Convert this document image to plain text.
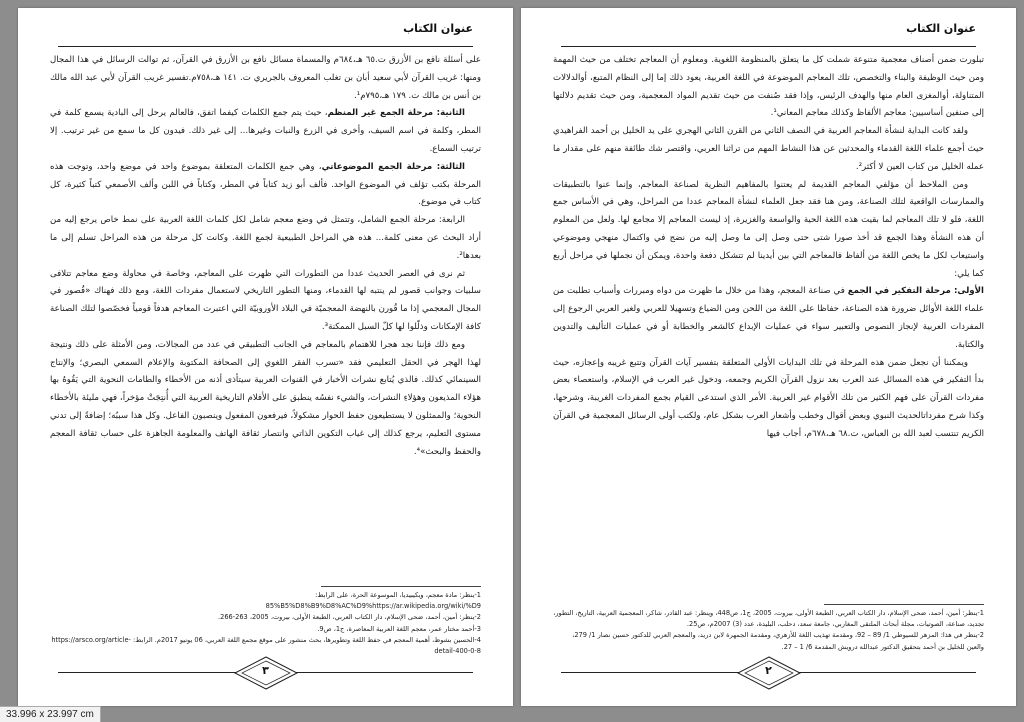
عنوان الكتاب

تبلورت ضمن أصناف معجمية متنوعة شملت كل ما يتعلق بالمنظومة اللغوية. ومعلوم أن المعاجم تختلف من حيث المهمة ومن حيث الوظيفة والبناء والتخصص، تلك المعاجم الموضوعة في اللغة العربية، يعود ذلك إما إلى النظام المتبع، أوالدلالات المتناولة، أوالمغزى العام منها والهدف الرئيس، وإذا فقد صُنفت من حيث تقديم المواد المعجمية، ومن حيث تقديم دلالتها إلى صنفين أساسيين: معاجم الألفاظ وكذلك معاجم المعاني¹.

ولقد كانت البداية لنشأة المعاجم العربية في النصف الثاني من القرن الثاني الهجري على يد الخليل بن أحمد الفراهيدي حيث أجمع علماء اللغة القدماء والمحدثين عن هذا النشاط المهم من تراثنا العربي، واقتصر شك طائفة منهم على مقدار ما عمله الخليل من كتاب العين لا أكثر².

ومن الملاحظ أن مؤلفي المعاجم القديمة لم يعتنوا بالمفاهيم النظرية لصناعة المعاجم، وإنما عنوا بالتطبيقات والممارسات الواقعية لتلك الصناعة، ومن هنا فقد جعل العلماء لنشأة المعاجم عددا من المراحل، وهي في الأساس جمع اللغة، فلو لا تلك المعاجم لما بقيت هذه اللغة الحية والواسعة والغزيرة، إذ ليست المعاجم إلا مجامع لها. ولعل من المعلوم أن هذه النشأة وهذا الجمع قد أخذ صورا شتى حتى وصل إلى ما وصل إليه من نضج في واكتمال منهجي وموضوعي واستيعاب لكل ما يخص اللغة من ألفاظ فالمعاجم التي بين أيدينا لم تتشكل دفعة واحدة، ويمكن أن نجملها في مراحل أربع كما يلي:

الأولى: مرحلة التفكير في الجمع في صناعة المعجم، وهذا من خلال ما ظهرت من دواه ومبررات وأسباب تطلبت من علماء اللغة الأوائل ضرورة هذه الصناعة، حفاظا على اللغة من اللحن ومن الضياع وتسهيلا للعربي ولغير العربي الرجوع إلى المفردات العربية لإنجاز النصوص والتعبير سواء في عمليات الإبداع كالشعر والخطابة أو في عمليات التأليف والتدوين والكتابة.

ويمكننا أن نجعل ضمن هذه المرحلة في تلك البدايات الأولى المتعلقة بتفسير آيات القرآن وتتبع غريبه وإعجازه، حيث بدأ التفكير في هذه المسائل عند العرب بعد نزول القرآن الكريم وجمعه، ودخول غير العرب في الإسلام، واستعصاء بعض مفردات القرآن على فهم الكثير من تلك الأقوام غير العربية. الأمر الذي استدعى القيام بجمع المفردات الغريبة، وشرحها، وكذا شرح مفرداتالحديث النبوي وبعض أقوال وخطب وأشعار العرب بشكل عام، ولكتب أولى الرسائل المعجمية في القرآن الكريم تنتسب لعبد الله بن العباس، ت.٦٨ هـ،٦٧٨م، أجاب فيها

1-ينظر: أمين، أحمد، ضحى الإسلام، دار الكتاب العربي، الطبعة الأولى، بيروت، 2005، ج1، ص448، وينظر: عبد القادر، شاكر، المعجمية العربية، التاريخ، التطور، تجديد، صناعة، الصوتيات، مجلة أبحاث الملتقى المغاربي، جامعة سعد، دحلب، البليدة، عدد (3) 2007م، ص25.

2-ينظر في هذا: المزهر للسيوطي 1/ 89 – 92، ومقدمة تهذيب اللغة للأزهري، ومقدمة الجمهرة لابن دريد، والمعجم العربي للدكتور حسين نصار 1/ 279، والعين للخليل بن أحمد بتحقيق الدكتور عبدالله درويش المقدمة 6/ 1 – 27.

٢
عنوان الكتاب

على أسئلة نافع بن الأزرق ت.٦٥ هـ،٦٨٤م والمسماة مسائل نافع بن الأزرق في القرآن، ثم توالت الرسائل في هذا المجال ومنها: غريب القرآن لأبي سعيد أبان بن تغلب المعروف بالجريري ت. ١٤١ هـ،٧٥٨م.تفسير غريب القرآن لأبي عبد الله مالك بن أنس بن مالك ت. ١٧٩ هـ،٧٩٥م¹.

الثانية: مرحلة الجمع غير المنظم، حيث يتم جمع الكلمات كيفما اتفق، فالعالم يرحل إلى البادية يسمع كلمة في المطر، وكلمة في اسم السيف، وأخرى في الزرع والنبات وغيرها... إلى غير ذلك. فيدون كل ما سمع من غير ترتيب. إلا ترتيب السماع.

الثالثة: مرحلة الجمع الموضوعاتي، وهي جمع الكلمات المتعلقة بموضوع واحد في موضع واحد، وتوجت هذه المرحلة بكتب تؤلف في الموضوع الواحد. فألف أبو زيد كتاباً في المطر، وكتاباً في اللبن وألف الأصمعي كتباً كثيرة، كل كتاب في موضوع.

الرابعة: مرحلة الجمع الشامل، وتتمثل في وضع معجم شامل لكل كلمات اللغة العربية على نمط خاص يرجع إليه من أراد البحث عن معنى كلمة... هذه هي المراحل الطبيعية لجمع اللغة. وكانت كل مرحلة من هذه المراحل تسلم إلى ما بعدها².

ثم نرى في العصر الحديث عددا من التطورات التي ظهرت على المعاجم، وخاصة في محاولة وضع معاجم تتلافى سلبيات وجوانب قصور لم ينتبه لها القدماء، ومنها التطور التاريخي لاستعمال مفردات اللغة، ومع ذلك فهناك «قُصور في المجال المعجمي إذا ما قُورن بالنهضة المعجميّة في البلاد الأوروبيّة التي اعتبرت المعاجم هدفاً قومياً فخصّصوا لتلك الصناعة كافة الإمكانات وذلّلوا لها كلّ السبل الممكنة³.

ومع ذلك فإننا نجد هجرا للاهتمام بالمعاجم في الجانب التطبيقي في عدد من المجالات، ومن الأمثلة على ذلك ونتيجة لهذا الهجر في الحقل التعليمي فقد «تسرب الفقر اللغوي إلى الصحافة المكتوبة والإعلام السمعي البصري؛ والإنتاج السينمائي كذلك. فالذي يُتابع نشرات الأخبار في القنوات العربية سيتأذى أذنه من الأخطاء والطامات النحوية التي يَقُوهُ بها هؤلاء المذيعون وهؤلاءِ النشرات، والشيء نفسُه ينطبق على الأفلام التاريخية العربية التي أُنتِجَتْ مؤخراً، فهي مليئة بالأخطاء النحوية؛ والممثلون لا يستطيعون حفظ الحوار مشكولاً، فيرفعون المفعول وينصبون الفاعل. وكل هذا سببُه؛ إضافةً إلى تدني مستوى التعليم، يرجع كذلك إلى غياب التكوين الذاتي وانتصار ثقافة الهاتف والمعلومة الجاهزة على حساب ثقافة المعجم والحفظ والبحث»⁴.

1-ينظر: مادة معجم، ويكيبيديا، الموسوعة الحرة، على الرابط:

85%B5%D8%B9%D8%AC%D9%https://ar.wikipedia.org/wiki/%D9

2-ينظر: أمين، أحمد، ضحى الإسلام، دار الكتاب العربي، الطبعة الأولى، بيروت، 2005، 263-266.

3-أحمد مختار عمر، معجم اللغة العربية المعاصرة، ج1، ص9.

4-الحسين بشوظ، أهمية المعجم في حفظ اللغة وتطويرها، بحث منشور على موقع مجمع اللغة العربي، 06 يونيو 2017م. الرابط: https://arsco.org/article-detail-400-0-8

٣
33.996 x 23.997 cm
